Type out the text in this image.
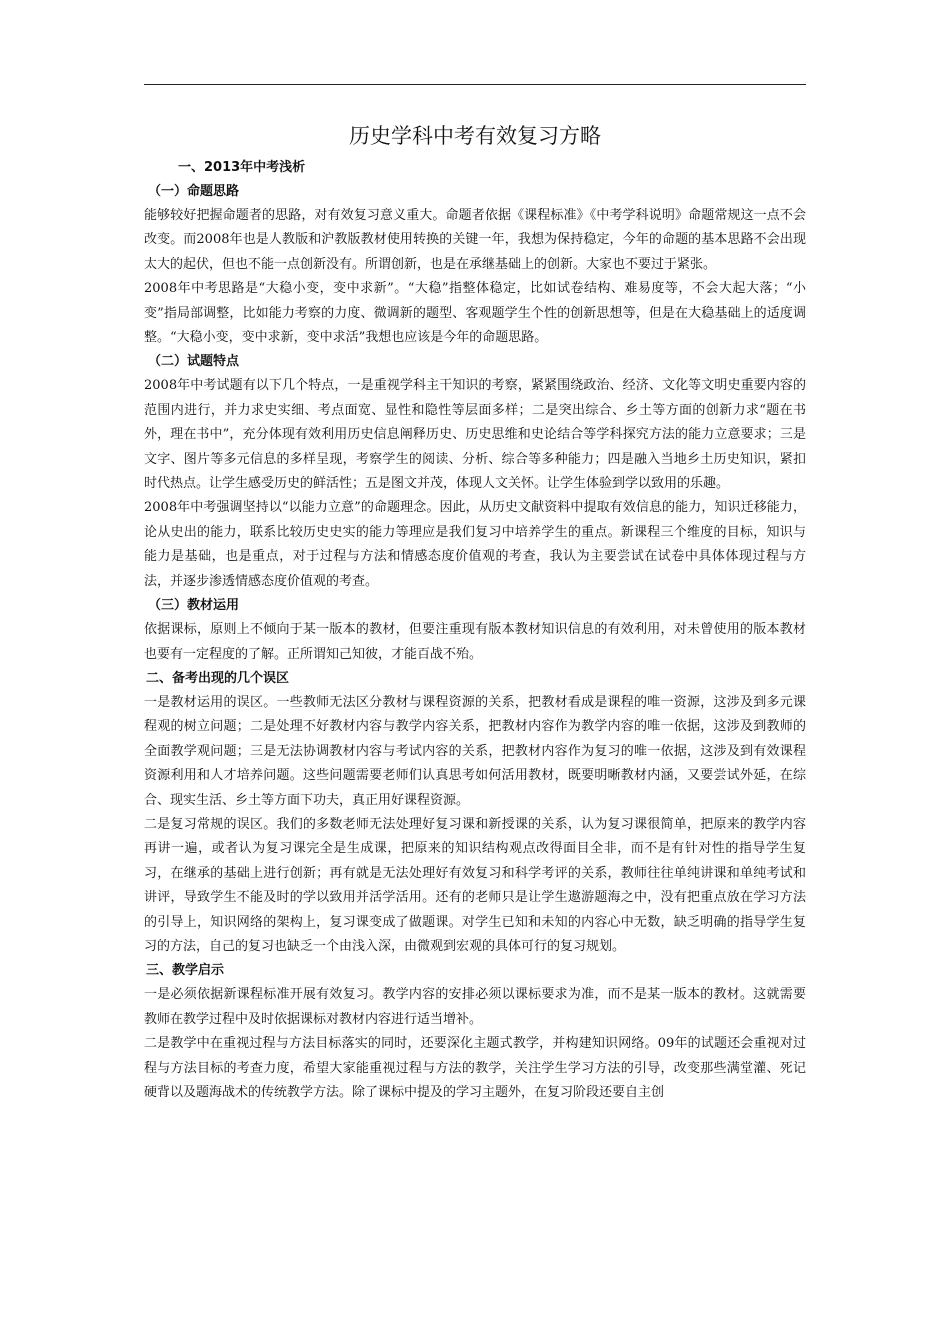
历史学科中考有效复习方略
一、2013年中考浅析
（一）命题思路

能够较好把握命题者的思路，对有效复习意义重大。命题者依据《课程标准》《中考学科说明》命题常规这一点不会改变。而2008年也是人教版和沪教版教材使用转换的关键一年，我想为保持稳定，今年的命题的基本思路不会出现太大的起伏，但也不能一点创新没有。所谓创新，也是在承继基础上的创新。大家也不要过于紧张。

2008年中考思路是“大稳小变，变中求新”。“大稳”指整体稳定，比如试卷结构、难易度等，不会大起大落；“小变”指局部调整，比如能力考察的力度、微调新的题型、客观题学生个性的创新思想等，但是在大稳基础上的适度调整。“大稳小变，变中求新，变中求活”我想也应该是今年的命题思路。

（二）试题特点

2008年中考试题有以下几个特点，一是重视学科主干知识的考察，紧紧围绕政治、经济、文化等文明史重要内容的范围内进行，并力求史实细、考点面宽、显性和隐性等层面多样；二是突出综合、乡土等方面的创新力求“题在书外，理在书中”，充分体现有效利用历史信息阐释历史、历史思维和史论结合等学科探究方法的能力立意要求；三是文字、图片等多元信息的多样呈现，考察学生的阅读、分析、综合等多种能力；四是融入当地乡土历史知识，紧扣时代热点。让学生感受历史的鲜活性；五是图文并茂，体现人文关怀。让学生体验到学以致用的乐趣。

2008年中考强调坚持以“以能力立意”的命题理念。因此，从历史文献资料中提取有效信息的能力，知识迁移能力，论从史出的能力，联系比较历史史实的能力等理应是我们复习中培养学生的重点。新课程三个维度的目标，知识与能力是基础，也是重点，对于过程与方法和情感态度价值观的考查，我认为主要尝试在试卷中具体体现过程与方法，并逐步渗透情感态度价值观的考查。

（三）教材运用

依据课标，原则上不倾向于某一版本的教材，但要注重现有版本教材知识信息的有效利用，对未曾使用的版本教材也要有一定程度的了解。正所谓知己知彼，才能百战不殆。

二、备考出现的几个误区

一是教材运用的误区。一些教师无法区分教材与课程资源的关系，把教材看成是课程的唯一资源，这涉及到多元课程观的树立问题；二是处理不好教材内容与教学内容关系，把教材内容作为教学内容的唯一依据，这涉及到教师的全面教学观问题；三是无法协调教材内容与考试内容的关系，把教材内容作为复习的唯一依据，这涉及到有效课程资源利用和人才培养问题。这些问题需要老师们认真思考如何活用教材，既要明晰教材内涵，又要尝试外延，在综合、现实生活、乡土等方面下功夫，真正用好课程资源。

二是复习常规的误区。我们的多数老师无法处理好复习课和新授课的关系，认为复习课很简单，把原来的教学内容再讲一遍，或者认为复习课完全是生成课，把原来的知识结构观点改得面目全非，而不是有针对性的指导学生复习，在继承的基础上进行创新；再有就是无法处理好有效复习和科学考评的关系，教师往往单纯讲课和单纯考试和讲评，导致学生不能及时的学以致用并活学活用。还有的老师只是让学生遨游题海之中，没有把重点放在学习方法的引导上，知识网络的架构上，复习课变成了做题课。对学生已知和未知的内容心中无数，缺乏明确的指导学生复习的方法，自己的复习也缺乏一个由浅入深，由微观到宏观的具体可行的复习规划。

三、教学启示

一是必须依据新课程标准开展有效复习。教学内容的安排必须以课标要求为准，而不是某一版本的教材。这就需要教师在教学过程中及时依据课标对教材内容进行适当增补。

二是教学中在重视过程与方法目标落实的同时，还要深化主题式教学，并构建知识网络。09年的试题还会重视对过程与方法目标的考查力度，希望大家能重视过程与方法的教学，关注学生学习方法的引导，改变那些满堂灌、死记硬背以及题海战术的传统教学方法。除了课标中提及的学习主题外，在复习阶段还要自主创
